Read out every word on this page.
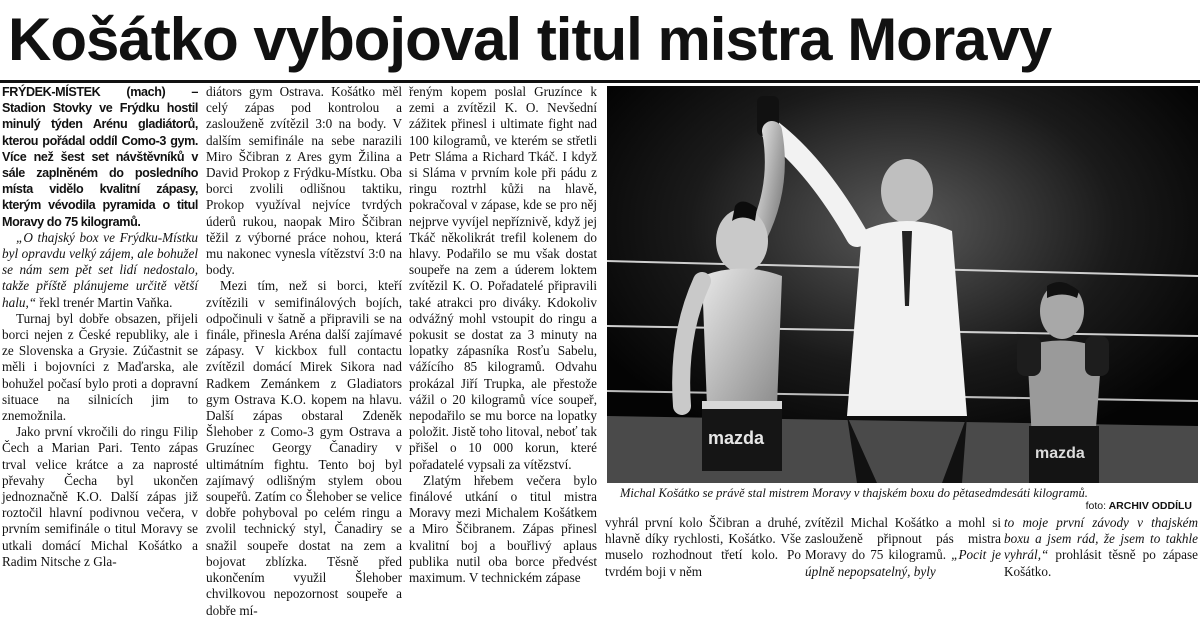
Košátko vybojoval titul mistra Moravy

FRÝDEK-MÍSTEK (mach) – Stadion Stovky ve Frýdku hostil minulý týden Arénu gladiátorů, kterou pořádal oddíl Como-3 gym. Více než šest set návštěvníků v sále zaplněném do posledního místa vidělo kvalitní zápasy, kterým vévodila pyramida o titul Moravy do 75 kilogramů.

„O thajský box ve Frýdku-Místku byl opravdu velký zájem, ale bohužel se nám sem pět set lidí nedostalo, takže příště plánujeme určitě větší halu,“ řekl trenér Martin Vaňka.

Turnaj byl dobře obsazen, přijeli borci nejen z České republiky, ale i ze Slovenska a Grузie. Zúčastnit se měli i bojovníci z Maďarska, ale bohužel počasí bylo proti a dopravní situace na silnicích jim to znemožnila.

Jako první vkročili do ringu Filip Čech a Marian Pari. Tento zápas trval velice krátce a za naprosté převahy Čecha byl ukončen jednoznačně K.O. Další zápas již roztočil hlavní podivnou večera, v prvním semifinále o titul Moravy se utkali domácí Michal Košátko a Radim Nitsche z Gla-

diátors gym Ostrava. Košátko měl celý zápas pod kontrolou a zaslouženě zvítězil 3:0 na body. V dalším semifinále na sebe narazili Miro Ščibran z Ares gym Žilina a David Prokop z Frýdku-Místku. Oba borci zvolili odlišnou taktiku, Prokop využíval nejvíce tvrdých úderů rukou, naopak Miro Ščibran těžil z výborné práce nohou, která mu nakonec vynesla vítězství 3:0 na body.

Mezi tím, než si borci, kteří zvítězili v semifinálových bojích, odpočinuli v šatně a připravili se na finále, přinesla Aréna další zajímavé zápasy. V kickbox full contactu zvítězil domácí Mirek Sikora nad Radkem Zemánkem z Gladiators gym Ostrava K.O. kopem na hlavu. Další zápas obstaral Zdeněk Šlehober z Como-3 gym Ostrava a Gruzínec Georgy Čanadiry v ultimátním fightu. Tento boj byl zajímavý odlišným stylem obou soupeřů. Zatím co Šlehober se velice dobře pohyboval po celém ringu a zvolil technický styl, Čanadiry se snažil soupeře dostat na zem a bojovat zblízka. Těsně před ukončením využil Šlehober chvilkovou nepozornost soupeře a dobře mí-

řeným kopem poslal Gruzínce k zemi a zvítězil K. O. Nevšední zážitek přinesl i ultimate fight nad 100 kilogramů, ve kterém se střetli Petr Sláma a Richard Tkáč. I když si Sláma v prvním kole při pádu z ringu roztrhl kůži na hlavě, pokračoval v zápase, kde se pro něj nejprve vyvíjel nepříznivě, když jej Tkáč několikrát trefil kolenem do hlavy. Podařilo se mu však dostat soupeře na zem a úderem loktem zvítězil K. O. Pořadatelé připravili také atrakci pro diváky. Kdokoliv odvážný mohl vstoupit do ringu a pokusit se dostat za 3 minuty na lopatky zápasníka Rosťu Sabelu, vážícího 85 kilogramů. Odvahu prokázal Jiří Trupka, ale přestože vážil o 20 kilogramů více soupeř, nepodařilo se mu borce na lopatky položit. Jistě toho litoval, neboť tak přišel o 10 000 korun, které pořadatelé vypsali za vítězství.

Zlatým hřebem večera bylo finálové utkání o titul mistra Moravy mezi Michalem Košátkem a Miro Ščibranem. Zápas přinesl kvalitní boj a bouřlivý aplaus publika nutil oba borce předvést maximum. V technickém zápase

mazda
mazda
Michal Košátko se právě stal mistrem Moravy v thajském boxu do pětasedmdesáti kilogramů.
foto: ARCHIV ODDÍLU

vyhrál první kolo Ščibran a druhé, hlavně díky rychlosti, Košátko. Vše muselo rozhodnout třetí kolo. Po tvrdém boji v něm

zvítězil Michal Košátko a mohl si zaslouženě připnout pás mistra Moravy do 75 kilogramů. „Pocit je úplně nepopsatelný, byly

to moje první závody v thajském boxu a jsem rád, že jsem to takhle vyhrál,“ prohlásit těsně po zápase Košátko.
